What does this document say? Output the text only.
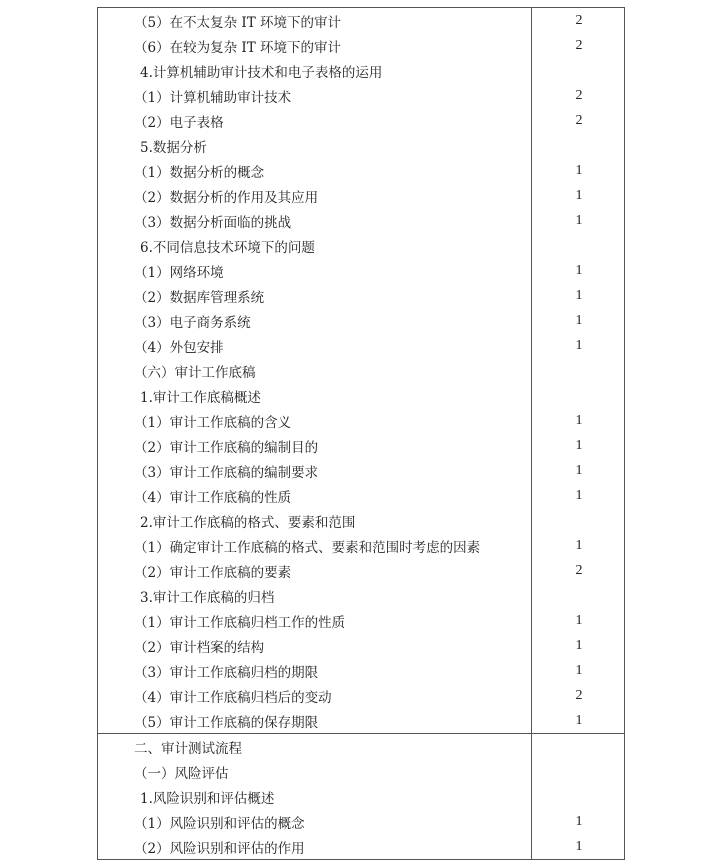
（5）在不太复杂 IT 环境下的审计	2
（6）在较为复杂 IT 环境下的审计	2
4.计算机辅助审计技术和电子表格的运用
（1）计算机辅助审计技术	2
（2）电子表格	2
5.数据分析
（1）数据分析的概念	1
（2）数据分析的作用及其应用	1
（3）数据分析面临的挑战	1
6.不同信息技术环境下的问题
（1）网络环境	1
（2）数据库管理系统	1
（3）电子商务系统	1
（4）外包安排	1
（六）审计工作底稿
1.审计工作底稿概述
（1）审计工作底稿的含义	1
（2）审计工作底稿的编制目的	1
（3）审计工作底稿的编制要求	1
（4）审计工作底稿的性质	1
2.审计工作底稿的格式、要素和范围
（1）确定审计工作底稿的格式、要素和范围时考虑的因素	1
（2）审计工作底稿的要素	2
3.审计工作底稿的归档
（1）审计工作底稿归档工作的性质	1
（2）审计档案的结构	1
（3）审计工作底稿归档的期限	1
（4）审计工作底稿归档后的变动	2
（5）审计工作底稿的保存期限	1
二、审计测试流程
（一）风险评估
1.风险识别和评估概述
（1）风险识别和评估的概念	1
（2）风险识别和评估的作用	1
